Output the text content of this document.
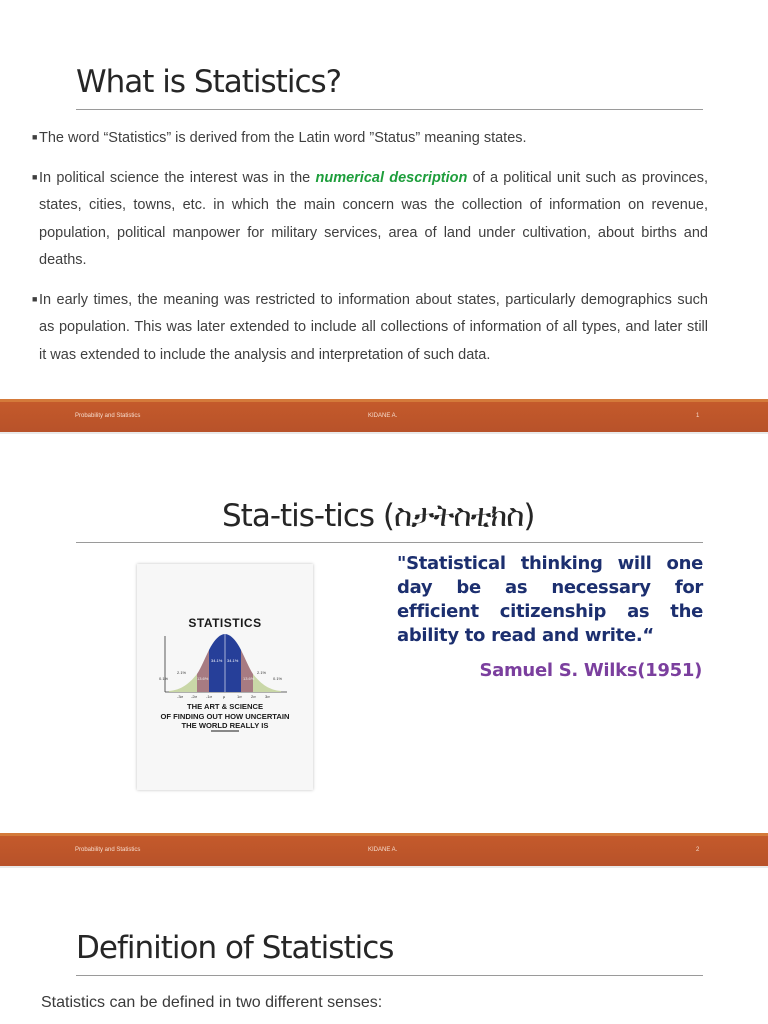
What is Statistics?
■ The word “Statistics” is derived from the Latin word ”Status” meaning states.
■ In political science the interest was in the numerical description of a political unit such as provinces, states, cities, towns, etc. in which the main concern was the collection of information on revenue, population, political manpower for military services, area of land under cultivation, about births and deaths.
■ In early times, the meaning was restricted to information about states, particularly demographics such as population. This was later extended to include all collections of information of all types, and later still it was extended to include the analysis and interpretation of such data.
Probability and Statistics	KIDANE A.	1
Sta-tis-tics (ስታትስቲክስ)
STATISTICS
0.1%
2.1%
13.6%
34.1% 34.1%
13.6%
2.1%
0.1%
-3σ -2σ -1σ	μ	1σ 2σ 3σ
THE ART & SCIENCE
OF FINDING OUT HOW UNCERTAIN
THE WORLD REALLY IS
"Statistical thinking will one day be as necessary for efficient citizenship as the ability to read and write.“
Samuel S. Wilks(1951)
Probability and Statistics	KIDANE A.	2
Definition of Statistics
Statistics can be defined in two different senses:
